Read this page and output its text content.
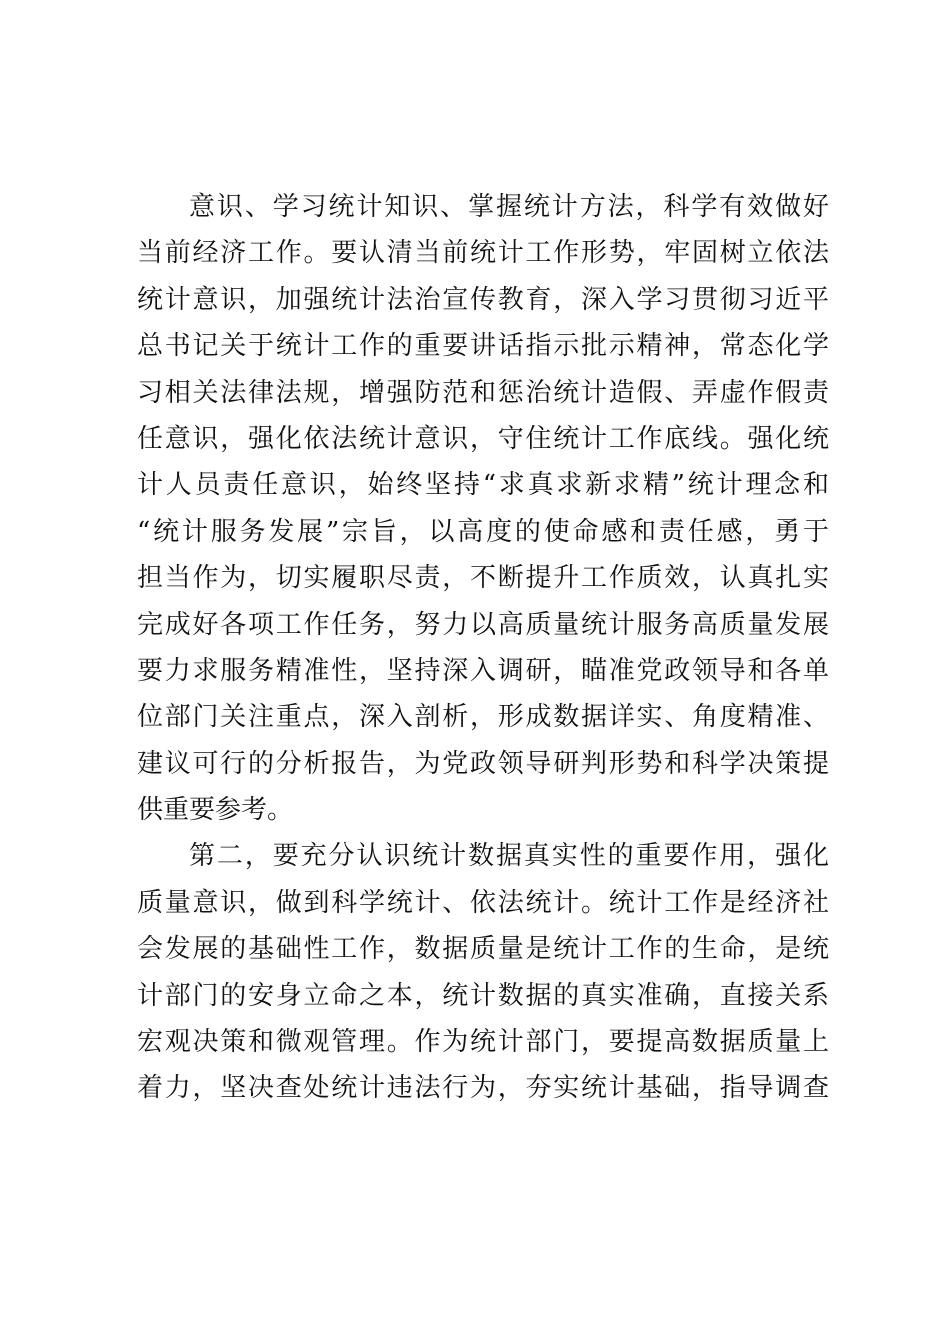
意识、学习统计知识、掌握统计方法，科学有效做好
当前经济工作。要认清当前统计工作形势，牢固树立依法
统计意识，加强统计法治宣传教育，深入学习贯彻习近平
总书记关于统计工作的重要讲话指示批示精神，常态化学
习相关法律法规，增强防范和惩治统计造假、弄虚作假责
任意识，强化依法统计意识，守住统计工作底线。强化统
计人员责任意识，始终坚持“求真求新求精”统计理念和
“统计服务发展”宗旨，以高度的使命感和责任感，勇于
担当作为，切实履职尽责，不断提升工作质效，认真扎实
完成好各项工作任务，努力以高质量统计服务高质量发展
要力求服务精准性，坚持深入调研，瞄准党政领导和各单
位部门关注重点，深入剖析，形成数据详实、角度精准、
建议可行的分析报告，为党政领导研判形势和科学决策提
供重要参考。
第二，要充分认识统计数据真实性的重要作用，强化
质量意识，做到科学统计、依法统计。统计工作是经济社
会发展的基础性工作，数据质量是统计工作的生命，是统
计部门的安身立命之本，统计数据的真实准确，直接关系
宏观决策和微观管理。作为统计部门，要提高数据质量上
着力，坚决查处统计违法行为，夯实统计基础，指导调查
